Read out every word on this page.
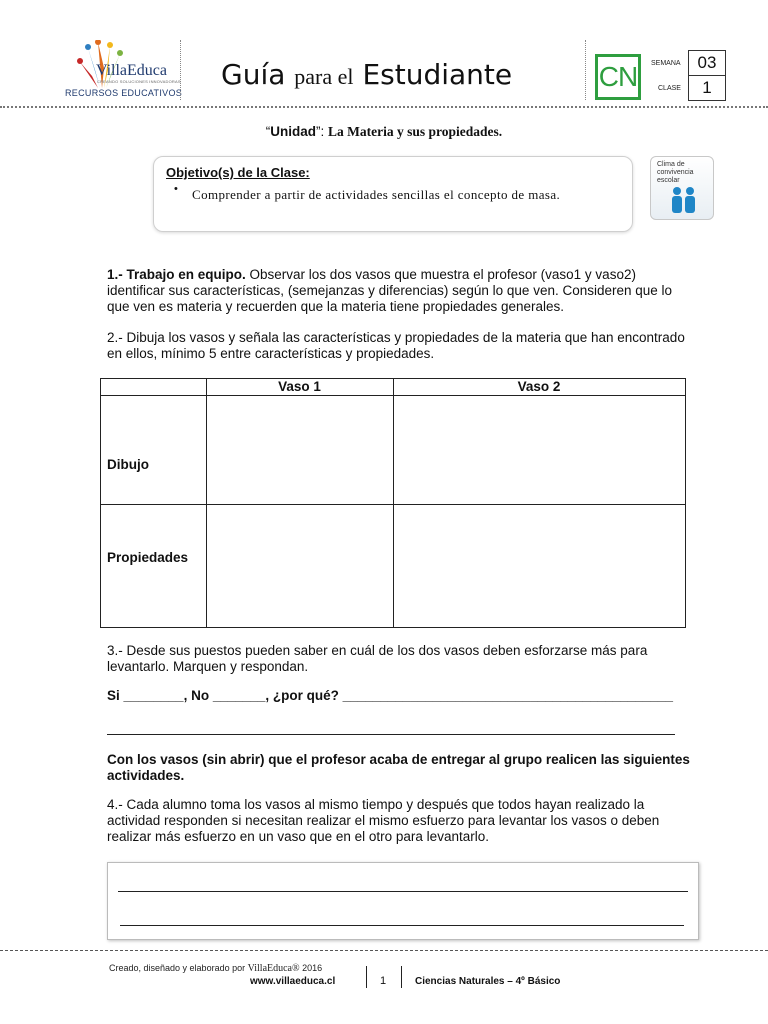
VillaEduca
CREANDO SOLUCIONES INNOVADORAS
RECURSOS EDUCATIVOS
Guía para el Estudiante	CN	SEMANA 03
CLASE	1
“Unidad”: La Materia y sus propiedades.
Objetivo(s) de la Clase:
• Comprender a partir de actividades sencillas el concepto de masa.
Clima de convivencia escolar
1.- Trabajo en equipo. Observar los dos vasos que muestra el profesor (vaso1 y vaso2) identificar sus características, (semejanzas y diferencias) según lo que ven. Consideren que lo que ven es materia y recuerden que la materia tiene propiedades generales.
2.- Dibuja los vasos y señala las características y propiedades de la materia que han encontrado en ellos, mínimo 5 entre características y propiedades.
Vaso 1	Vaso 2
Dibujo
Propiedades
3.- Desde sus puestos pueden saber en cuál de los dos vasos deben esforzarse más para levantarlo. Marquen y respondan.
Si ________, No _______, ¿por qué? ____________________________________________
Con los vasos (sin abrir) que el profesor acaba de entregar al grupo realicen las siguientes actividades.
4.- Cada alumno toma los vasos al mismo tiempo y después que todos hayan realizado la actividad responden si necesitan realizar el mismo esfuerzo para levantar los vasos o deben realizar más esfuerzo en un vaso que en el otro para levantarlo.
Creado, diseñado y elaborado por VillaEduca® 2016
www.villaeduca.cl	1	Ciencias Naturales – 4º Básico
